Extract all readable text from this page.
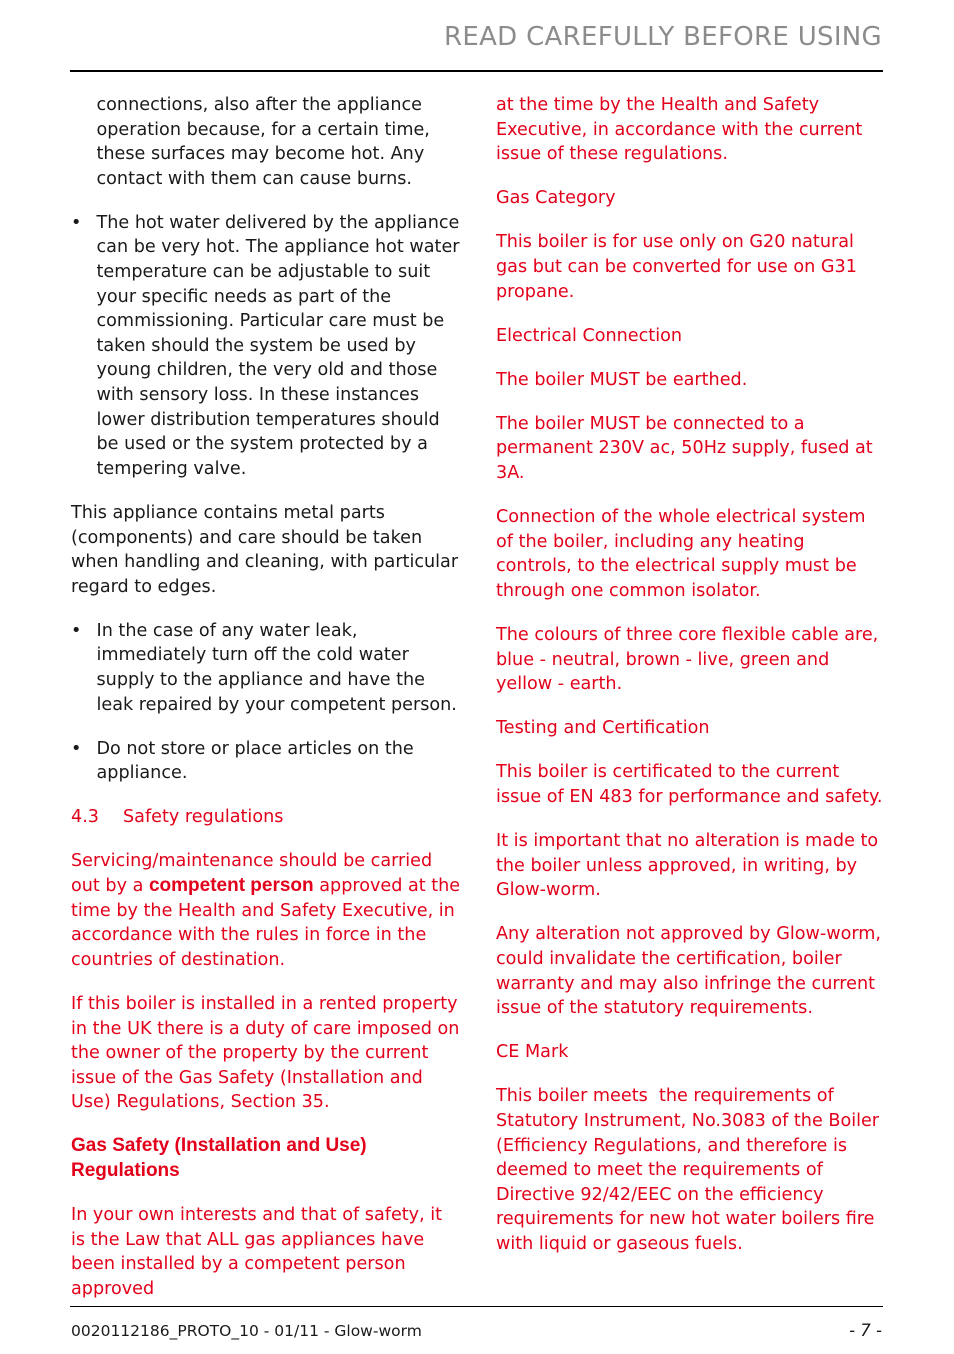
READ CAREFULLY BEFORE USING

connections, also after the appliance operation because, for a certain time, these surfaces may become hot. Any contact with them can cause burns.

• The hot water delivered by the appliance can be very hot. The appliance hot water temperature can be adjustable to suit your specific needs as part of the commissioning. Particular care must be taken should the system be used by young children, the very old and those with sensory loss. In these instances lower distribution temperatures should be used or the system protected by a tempering valve.

This appliance contains metal parts (components) and care should be taken when handling and cleaning, with particular regard to edges.

• In the case of any water leak, immediately turn off the cold water supply to the appliance and have the leak repaired by your competent person.
• Do not store or place articles on the appliance.
4.3 Safety regulations

Servicing/maintenance should be carried out by a competent person approved at the time by the Health and Safety Executive, in accordance with the rules in force in the countries of destination.

If this boiler is installed in a rented property in the UK there is a duty of care imposed on the owner of the property by the current issue of the Gas Safety (Installation and Use) Regulations, Section 35.

Gas Safety (Installation and Use) Regulations

In your own interests and that of safety, it is the Law that ALL gas appliances have been installed by a competent person approved

at the time by the Health and Safety Executive, in accordance with the current issue of these regulations.

Gas Category

This boiler is for use only on G20 natural gas but can be converted for use on G31 propane.

Electrical Connection

The boiler MUST be earthed.

The boiler MUST be connected to a permanent 230V ac, 50Hz supply, fused at 3A.

Connection of the whole electrical system of the boiler, including any heating controls, to the electrical supply must be through one common isolator.

The colours of three core flexible cable are, blue - neutral, brown - live, green and yellow - earth.

Testing and Certification

This boiler is certificated to the current issue of EN 483 for performance and safety.

It is important that no alteration is made to the boiler unless approved, in writing, by Glow-worm.

Any alteration not approved by Glow-worm, could invalidate the certification, boiler warranty and may also infringe the current issue of the statutory requirements.

CE Mark

This boiler meets  the requirements of Statutory Instrument, No.3083 of the Boiler (Efficiency Regulations, and therefore is deemed to meet the requirements of Directive 92/42/EEC on the efficiency requirements for new hot water boilers fire with liquid or gaseous fuels.

0020112186_PROTO_10 - 01/11 - Glow-worm	- 7 -
